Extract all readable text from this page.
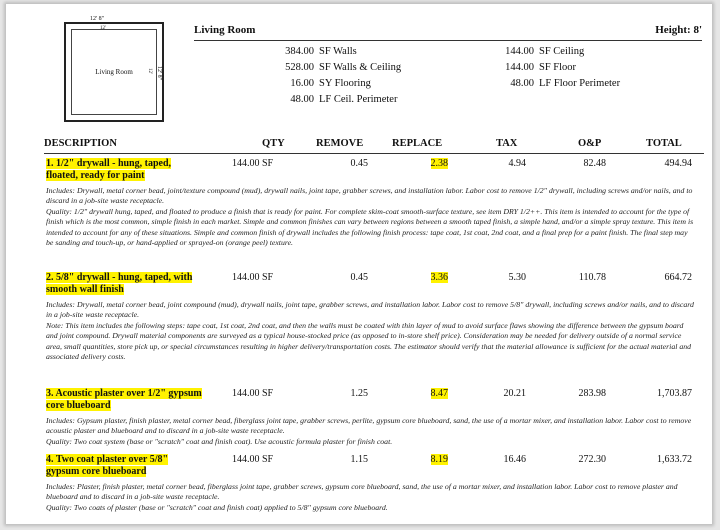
12' 8"
12'
Living Room	12' 8"
12'
Living Room	Height: 8'
384.00 SF Walls
528.00 SF Walls & Ceiling
16.00 SY Flooring
48.00 LF Ceil. Perimeter
144.00 SF Ceiling
144.00 SF Floor
48.00 LF Floor Perimeter
DESCRIPTION	QTY	REMOVE	REPLACE	TAX	O&P	TOTAL
1. 1/2" drywall - hung, taped,
floated, ready for paint
144.00 SF	0.45	2.38	4.94	82.48	494.94

Includes: Drywall, metal corner bead, joint/texture compound (mud), drywall nails, joint tape, grabber screws, and installation labor. Labor cost to remove 1/2" drywall, including screws and/or nails, and to discard in a job-site waste receptacle.

Quality: 1/2" drywall hung, taped, and floated to produce a finish that is ready for paint. For complete skim-coat smooth-surface texture, see item DRY 1/2++. This item is intended to account for the type of finish which is the most common, simple finish in each market. Simple and common finishes can vary between regions between a smooth taped finish, a simple hand, and/or a simple spray texture. This item is intended to account for any of these situations. Simple and common finish of drywall includes the following finish process: tape coat, 1st coat, 2nd coat, and a final prep for a paint finish. The final step may be sanding and touch-up, or hand-applied or sprayed-on (orange peel) texture.

2. 5/8" drywall - hung, taped, with
smooth wall finish
144.00 SF	0.45	3.36	5.30	110.78	664.72

Includes: Drywall, metal corner bead, joint compound (mud), drywall nails, joint tape, grabber screws, and installation labor. Labor cost to remove 5/8" drywall, including screws and/or nails, and to discard in a job-site waste receptacle.

Note: This item includes the following steps: tape coat, 1st coat, 2nd coat, and then the walls must be coated with thin layer of mud to avoid surface flaws showing the difference between the gypsum board and joint compound. Drywall material components are surveyed as a typical house-stocked price (as opposed to in-store shelf price). Consideration may be needed for delivery outside of a normal service area, small quantities, store pick up, or special circumstances resulting in higher delivery/transportation costs. The estimator should verify that the material allowance is sufficient for the actual material and associated delivery costs.

3. Acoustic plaster over 1/2" gypsum
core blueboard
144.00 SF	1.25	8.47	20.21	283.98	1,703.87

Includes: Gypsum plaster, finish plaster, metal corner bead, fiberglass joint tape, grabber screws, perlite, gypsum core blueboard, sand, the use of a mortar mixer, and installation labor. Labor cost to remove acoustic plaster and blueboard and to discard in a job-site waste receptacle.

Quality: Two coat system (base or "scratch" coat and finish coat). Use acoustic formula plaster for finish coat.

4. Two coat plaster over 5/8"
gypsum core blueboard
144.00 SF	1.15	8.19	16.46	272.30	1,633.72

Includes: Plaster, finish plaster, metal corner bead, fiberglass joint tape, grabber screws, gypsum core blueboard, sand, the use of a mortar mixer, and installation labor. Labor cost to remove plaster and blueboard and to discard in a job-site waste receptacle.

Quality: Two coats of plaster (base or "scratch" coat and finish coat) applied to 5/8" gypsum core blueboard.
